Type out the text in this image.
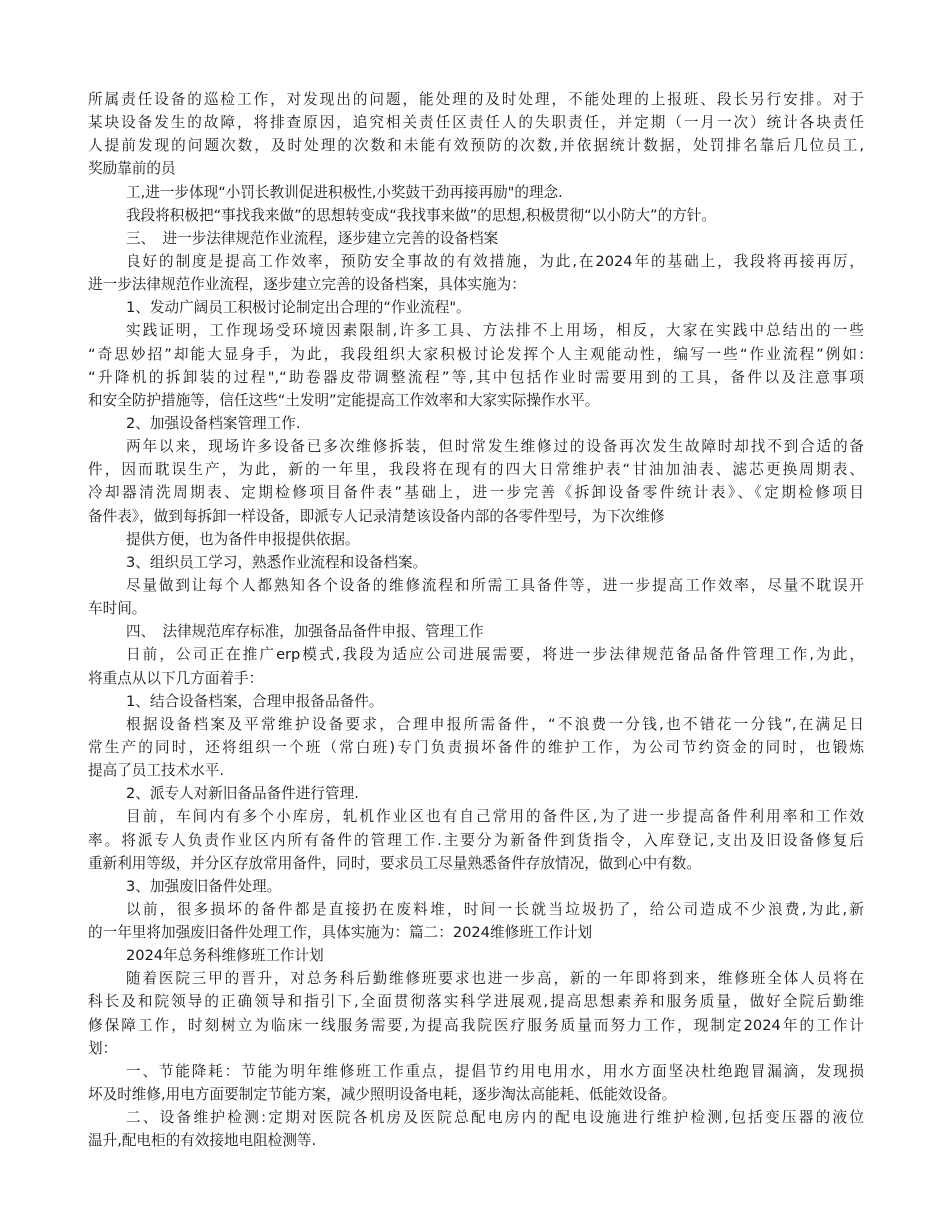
所属责任设备的巡检工作，对发现出的问题，能处理的及时处理，不能处理的上报班、段长另行安排。对于
某块设备发生的故障，将排查原因，追究相关责任区责任人的失职责任，并定期（一月一次）统计各块责任
人提前发现的问题次数，及时处理的次数和未能有效预防的次数,并依据统计数据，处罚排名靠后几位员工,
奖励靠前的员
工,进一步体现“小罚长教训促进积极性,小奖鼓干劲再接再励"的理念.
我段将积极把“事找我来做”的思想转变成“我找事来做”的思想,积极贯彻“以小防大”的方针。
三、　进一步法律规范作业流程，逐步建立完善的设备档案
良好的制度是提高工作效率，预防安全事故的有效措施，为此,在2024年的基础上，我段将再接再厉，
进一步法律规范作业流程，逐步建立完善的设备档案，具体实施为：
1、发动广阔员工积极讨论制定出合理的“作业流程"。
实践证明，工作现场受环境因素限制,许多工具、方法排不上用场，相反，大家在实践中总结出的一些
“奇思妙招”却能大显身手，为此，我段组织大家积极讨论发挥个人主观能动性，编写一些“作业流程”例如:
“升降机的拆卸装的过程",“助卷器皮带调整流程”等,其中包括作业时需要用到的工具，备件以及注意事项
和安全防护措施等，信任这些“土发明”定能提高工作效率和大家实际操作水平。
2、加强设备档案管理工作.
两年以来，现场许多设备已多次维修拆装，但时常发生维修过的设备再次发生故障时却找不到合适的备
件，因而耽误生产，为此，新的一年里，我段将在现有的四大日常维护表“甘油加油表、滤芯更换周期表、
冷却器清洗周期表、定期检修项目备件表”基础上，进一步完善《拆卸设备零件统计表》、《定期检修项目
备件表》，做到每拆卸一样设备，即派专人记录清楚该设备内部的各零件型号，为下次维修
提供方便，也为备件申报提供依据。
3、组织员工学习，熟悉作业流程和设备档案。
尽量做到让每个人都熟知各个设备的维修流程和所需工具备件等，进一步提高工作效率，尽量不耽误开
车时间。
四、　法律规范库存标准，加强备品备件申报、管理工作
日前，公司正在推广erp模式,我段为适应公司进展需要，将进一步法律规范备品备件管理工作,为此，
将重点从以下几方面着手：
1、结合设备档案，合理申报备品备件。
根据设备档案及平常维护设备要求，合理申报所需备件，“不浪费一分钱,也不错花一分钱”,在满足日
常生产的同时，还将组织一个班（常白班)专门负责损坏备件的维护工作，为公司节约资金的同时，也锻炼
提高了员工技术水平.
2、派专人对新旧备品备件进行管理.
目前，车间内有多个小库房，轧机作业区也有自己常用的备件区,为了进一步提高备件利用率和工作效
率。将派专人负责作业区内所有备件的管理工作.主要分为新备件到货指令，入库登记,支出及旧设备修复后
重新利用等级，并分区存放常用备件，同时，要求员工尽量熟悉备件存放情况，做到心中有数。
3、加强废旧备件处理。
以前，很多损坏的备件都是直接扔在废料堆，时间一长就当垃圾扔了，给公司造成不少浪费,为此,新
的一年里将加强废旧备件处理工作，具体实施为：篇二：2024维修班工作计划
2024年总务科维修班工作计划
随着医院三甲的晋升，对总务科后勤维修班要求也进一步高，新的一年即将到来，维修班全体人员将在
科长及和院领导的正确领导和指引下,全面贯彻落实科学进展观,提高思想素养和服务质量，做好全院后勤维
修保障工作，时刻树立为临床一线服务需要,为提高我院医疗服务质量而努力工作，现制定2024年的工作计
划：
一、节能降耗：节能为明年维修班工作重点，提倡节约用电用水，用水方面坚决杜绝跑冒漏滴，发现损
坏及时维修,用电方面要制定节能方案，减少照明设备电耗，逐步淘汰高能耗、低能效设备。
二、设备维护检测:定期对医院各机房及医院总配电房内的配电设施进行维护检测,包括变压器的液位
温升,配电柜的有效接地电阻检测等.
